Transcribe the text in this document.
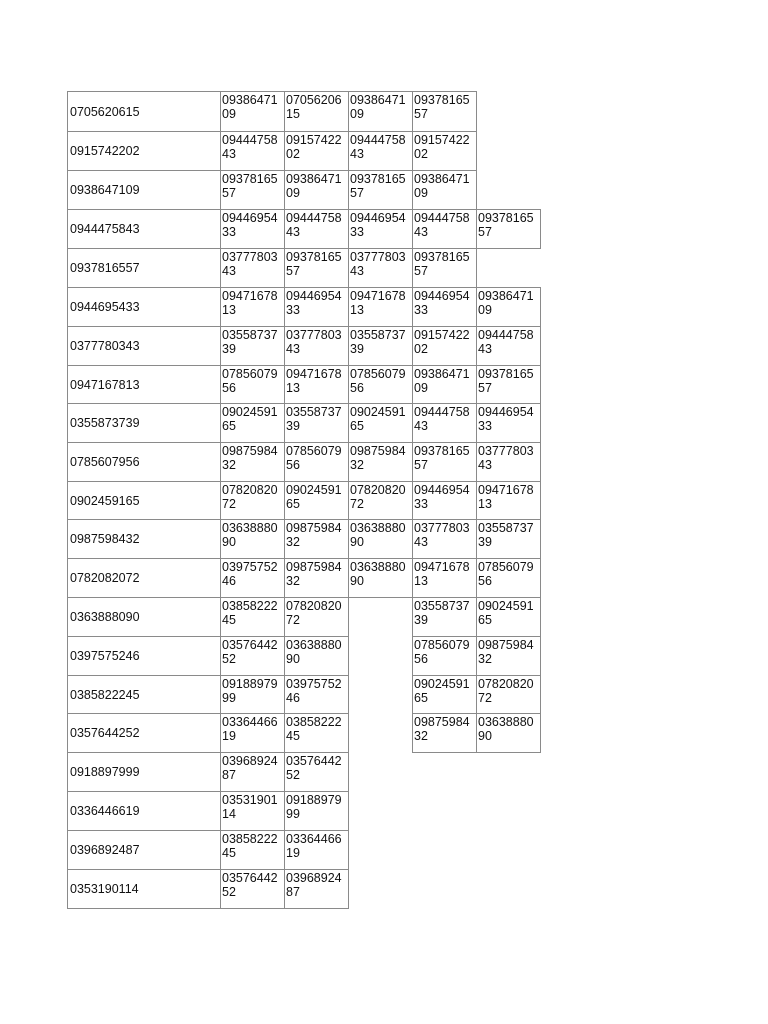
0705620615
0938647109
0705620615
0938647109
0937816557
0915742202
0944475843
0915742202
0944475843
0915742202
0938647109
0937816557
0938647109
0937816557
0938647109
0944475843
0944695433
0944475843
0944695433
0944475843
0937816557
0937816557
0377780343
0937816557
0377780343
0937816557
0944695433
0947167813
0944695433
0947167813
0944695433
0938647109
0377780343
0355873739
0377780343
0355873739
0915742202
0944475843
0947167813
0785607956
0947167813
0785607956
0938647109
0937816557
0355873739
0902459165
0355873739
0902459165
0944475843
0944695433
0785607956
0987598432
0785607956
0987598432
0937816557
0377780343
0902459165
0782082072
0902459165
0782082072
0944695433
0947167813
0987598432
0363888090
0987598432
0363888090
0377780343
0355873739
0782082072
0397575246
0987598432
0363888090
0947167813
0785607956
0363888090
0385822245
0782082072
0355873739
0902459165
0397575246
0357644252
0363888090
0785607956
0987598432
0385822245
0918897999
0397575246
0902459165
0782082072
0357644252
0336446619
0385822245
0987598432
0363888090
0918897999
0396892487
0357644252
0336446619
0353190114
0918897999
0396892487
0385822245
0336446619
0353190114
0357644252
0396892487
